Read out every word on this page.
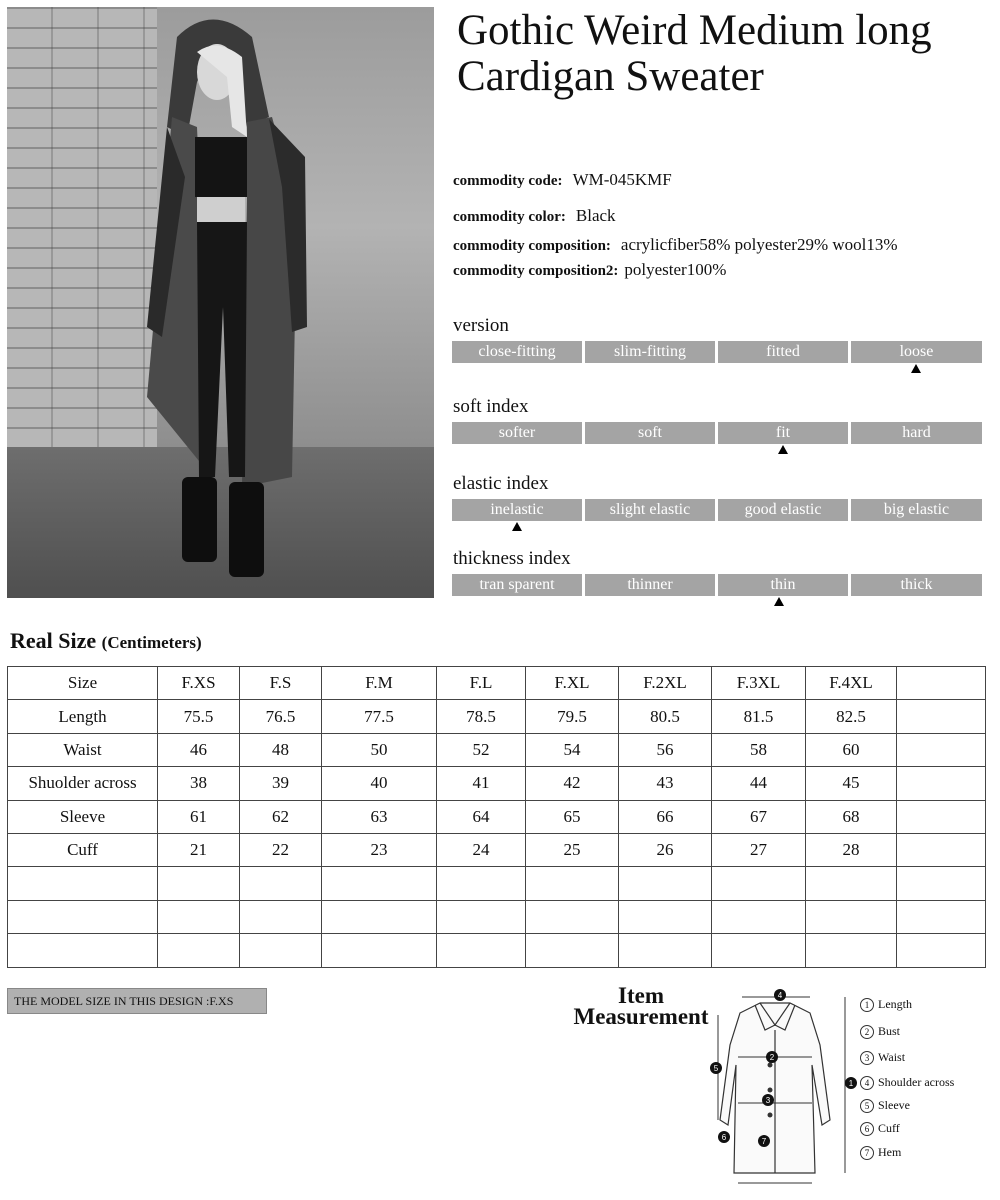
Gothic Weird Medium long Cardigan Sweater
commodity code: WM-045KMF
commodity color: Black
commodity composition: acrylicfiber58% polyester29% wool13%
commodity composition2: polyester100%
version
close-fitting	slim-fitting	fitted	loose
soft index
softer	soft	fit	hard
elastic index
inelastic	slight elastic	good elastic	big elastic
thickness index
tran sparent	thinner	thin	thick
Real Size (Centimeters)
Size	F.XS	F.S	F.M	F.L	F.XL	F.2XL	F.3XL	F.4XL	
Length	75.5	76.5	77.5	78.5	79.5	80.5	81.5	82.5	
Waist	46	48	50	52	54	56	58	60	
Shuolder across	38	39	40	41	42	43	44	45	
Sleeve	61	62	63	64	65	66	67	68	
Cuff	21	22	23	24	25	26	27	28	

THE MODEL SIZE IN THIS DESIGN :F.XS	Item
Measurement
4
2
3
1
5
6	7
1 Length
2 Bust
3 Waist
4 Shoulder across
5 Sleeve
6 Cuff
7 Hem
